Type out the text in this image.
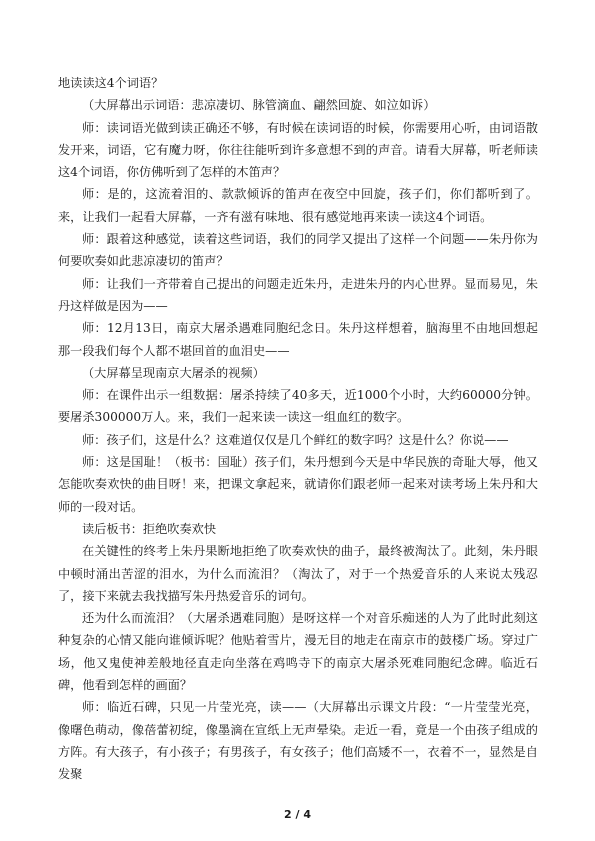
地读读这4个词语？

（大屏幕出示词语：悲凉凄切、脉管滴血、翩然回旋、如泣如诉）

师：读词语光做到读正确还不够，有时候在读词语的时候，你需要用心听，由词语散发开来，词语，它有魔力呀，你往往能听到许多意想不到的声音。请看大屏幕，听老师读这4个词语，你仿佛听到了怎样的木笛声？

师：是的，这流着泪的、款款倾诉的笛声在夜空中回旋，孩子们，你们都听到了。来，让我们一起看大屏幕，一齐有滋有味地、很有感觉地再来读一读这4个词语。

师：跟着这种感觉，读着这些词语，我们的同学又提出了这样一个问题——朱丹你为何要吹奏如此悲凉凄切的笛声？

师：让我们一齐带着自己提出的问题走近朱丹，走进朱丹的内心世界。显而易见，朱丹这样做是因为——

师：12月13日，南京大屠杀遇难同胞纪念日。朱丹这样想着，脑海里不由地回想起那一段我们每个人都不堪回首的血泪史——

（大屏幕呈现南京大屠杀的视频）

师：在课件出示一组数据：屠杀持续了40多天，近1000个小时，大约60000分钟。要屠杀300000万人。来，我们一起来读一读这一组血红的数字。

师：孩子们，这是什么？这难道仅仅是几个鲜红的数字吗？这是什么？你说——

师：这是国耻！（板书：国耻）孩子们，朱丹想到今天是中华民族的奇耻大辱，他又怎能吹奏欢快的曲目呀！来，把课文拿起来，就请你们跟老师一起来对读考场上朱丹和大师的一段对话。

读后板书：拒绝吹奏欢快

在关键性的终考上朱丹果断地拒绝了吹奏欢快的曲子，最终被淘汰了。此刻，朱丹眼中顿时涌出苦涩的泪水，为什么而流泪？（淘汰了，对于一个热爱音乐的人来说太残忍了，接下来就去我找描写朱丹热爱音乐的词句。

还为什么而流泪？（大屠杀遇难同胞）是呀这样一个对音乐痴迷的人为了此时此刻这种复杂的心情又能向谁倾诉呢？他贴着雪片，漫无目的地走在南京市的鼓楼广场。穿过广场，他又鬼使神差般地径直走向坐落在鸡鸣寺下的南京大屠杀死难同胞纪念碑。临近石碑，他看到怎样的画面？

师：临近石碑，只见一片莹光亮，读——（大屏幕出示课文片段：“一片莹莹光亮，像曙色萌动，像蓓蕾初绽，像墨滴在宣纸上无声晕染。走近一看，竟是一个由孩子组成的方阵。有大孩子，有小孩子；有男孩子，有女孩子；他们高矮不一，衣着不一，显然是自发聚

2 / 4
